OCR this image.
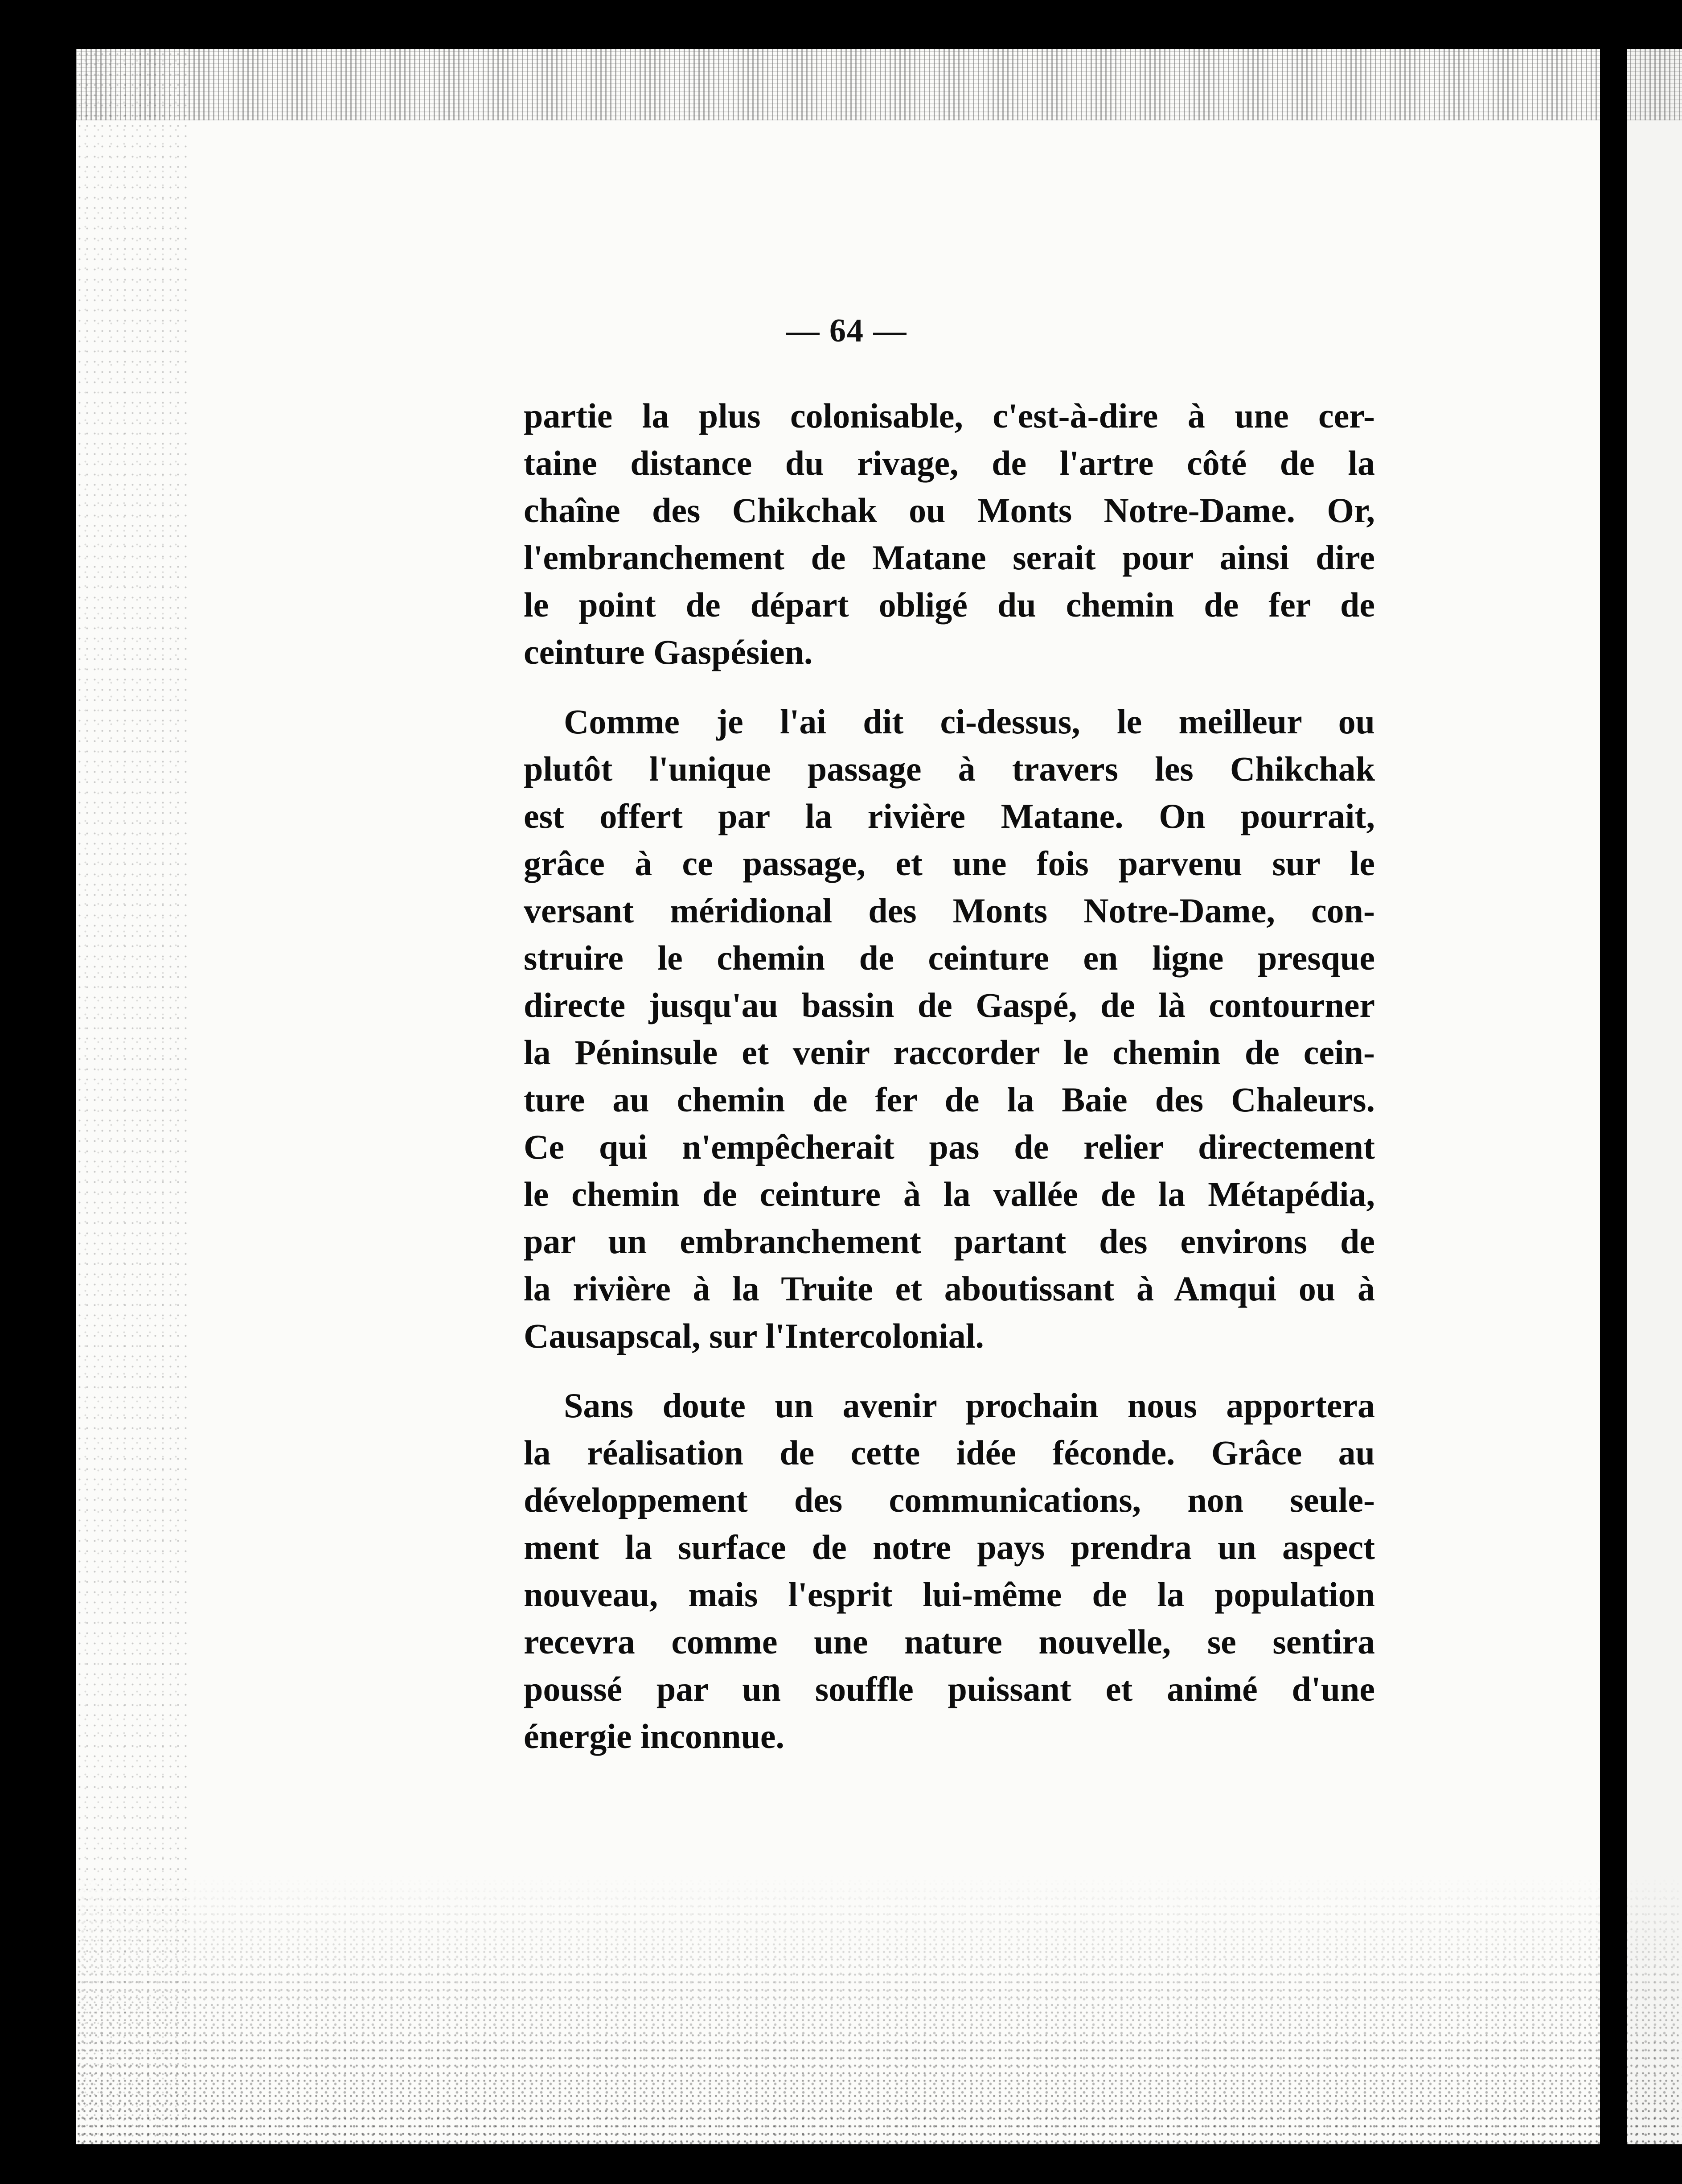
— 64 —
partie la plus colonisable, c'est-à-dire à une cer-
taine distance du rivage, de l'artre côté de la
chaîne des Chikchak ou Monts Notre-Dame. Or,
l'embranchement de Matane serait pour ainsi dire
le point de départ obligé du chemin de fer de
ceinture Gaspésien.
Comme je l'ai dit ci-dessus, le meilleur ou
plutôt l'unique passage à travers les Chikchak
est offert par la rivière Matane. On pourrait,
grâce à ce passage, et une fois parvenu sur le
versant méridional des Monts Notre-Dame, con-
struire le chemin de ceinture en ligne presque
directe jusqu'au bassin de Gaspé, de là contourner
la Péninsule et venir raccorder le chemin de cein-
ture au chemin de fer de la Baie des Chaleurs.
Ce qui n'empêcherait pas de relier directement
le chemin de ceinture à la vallée de la Métapédia,
par un embranchement partant des environs de
la rivière à la Truite et aboutissant à Amqui ou à
Causapscal, sur l'Intercolonial.
Sans doute un avenir prochain nous apportera
la réalisation de cette idée féconde. Grâce au
développement des communications, non seule-
ment la surface de notre pays prendra un aspect
nouveau, mais l'esprit lui-même de la population
recevra comme une nature nouvelle, se sentira
poussé par un souffle puissant et animé d'une
énergie inconnue.
